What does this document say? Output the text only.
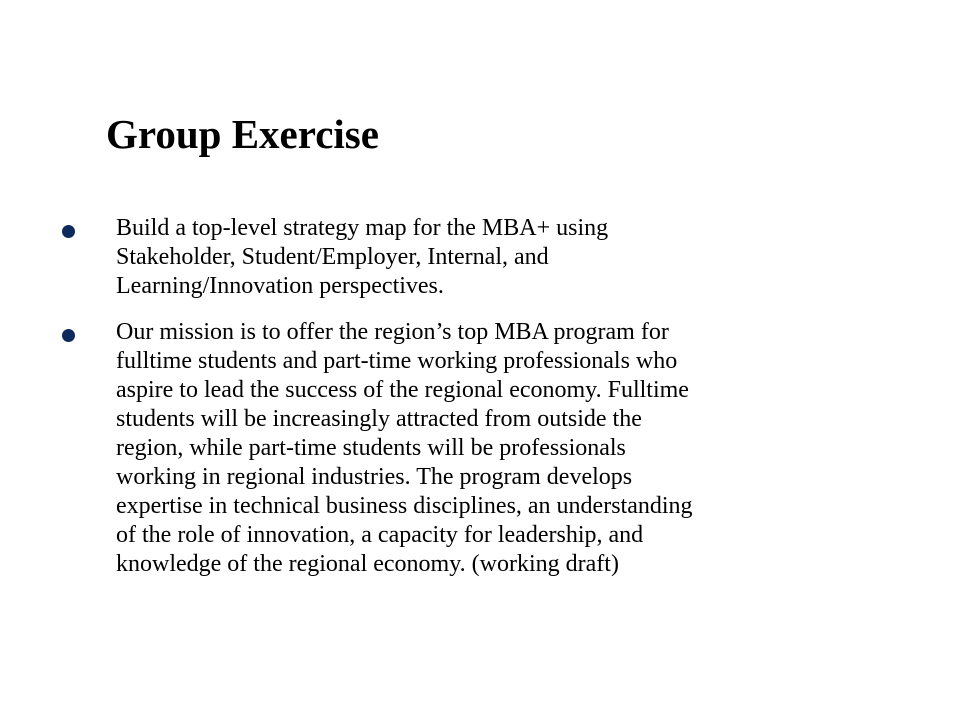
Group Exercise
Build a top-level strategy map for the MBA+ using
Stakeholder, Student/Employer, Internal, and
Learning/Innovation perspectives.
Our mission is to offer the region’s top MBA program for
fulltime students and part-time working professionals who
aspire to lead the success of the regional economy. Fulltime
students will be increasingly attracted from outside the
region, while part-time students will be professionals
working in regional industries. The program develops
expertise in technical business disciplines, an understanding
of the role of innovation, a capacity for leadership, and
knowledge of the regional economy. (working draft)
